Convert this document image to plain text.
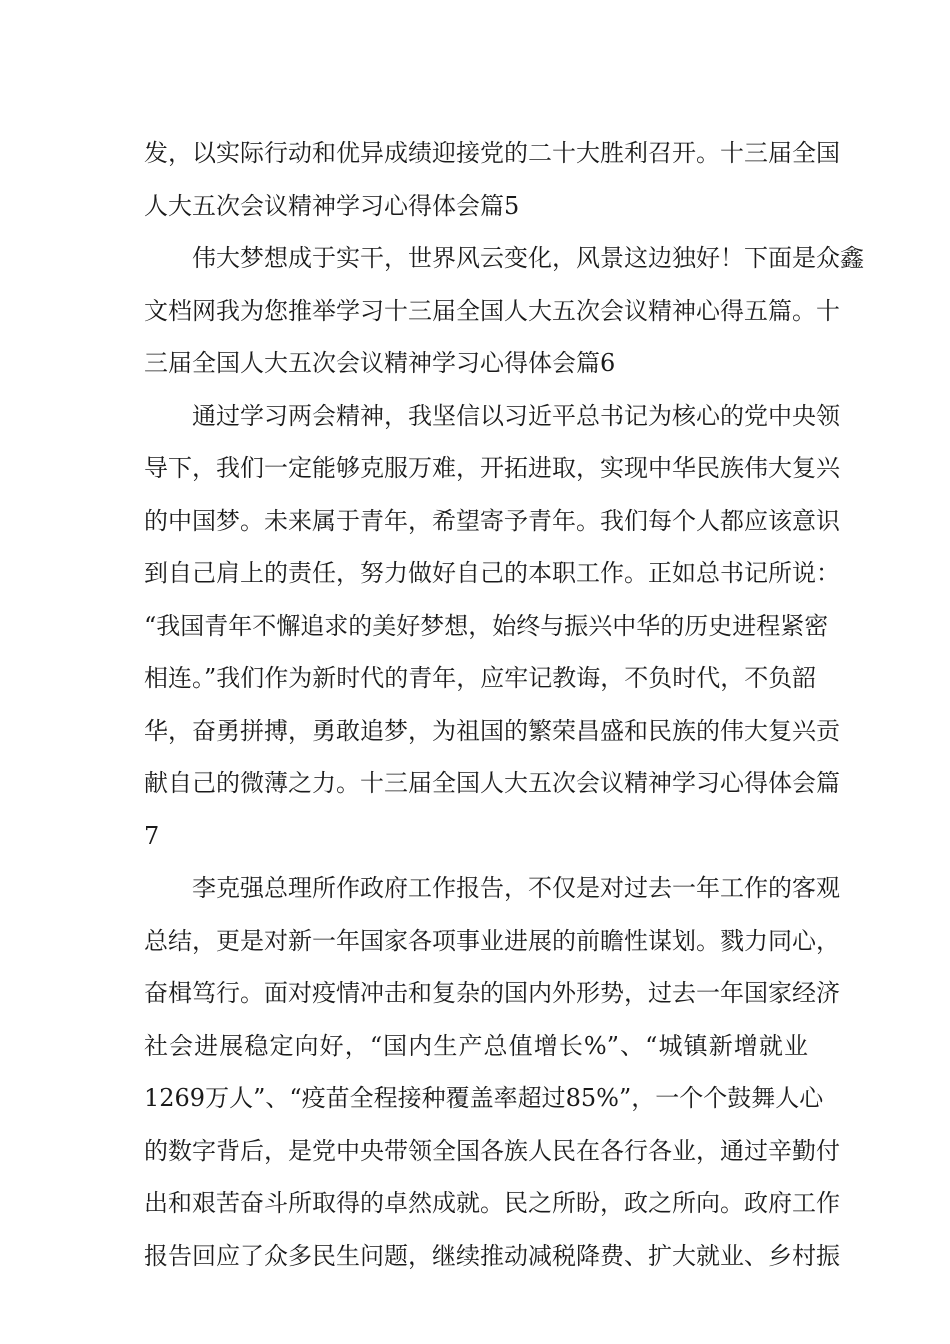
发，以实际行动和优异成绩迎接党的二十大胜利召开。十三届全国
人大五次会议精神学习心得体会篇5
伟大梦想成于实干，世界风云变化，风景这边独好！下面是众鑫
文档网我为您推举学习十三届全国人大五次会议精神心得五篇。十
三届全国人大五次会议精神学习心得体会篇6
通过学习两会精神，我坚信以习近平总书记为核心的党中央领
导下，我们一定能够克服万难，开拓进取，实现中华民族伟大复兴
的中国梦。未来属于青年，希望寄予青年。我们每个人都应该意识
到自己肩上的责任，努力做好自己的本职工作。正如总书记所说：
“我国青年不懈追求的美好梦想，始终与振兴中华的历史进程紧密
相连。”我们作为新时代的青年，应牢记教诲，不负时代，不负韶
华，奋勇拼搏，勇敢追梦，为祖国的繁荣昌盛和民族的伟大复兴贡
献自己的微薄之力。十三届全国人大五次会议精神学习心得体会篇
7
李克强总理所作政府工作报告，不仅是对过去一年工作的客观
总结，更是对新一年国家各项事业进展的前瞻性谋划。戮力同心，
奋楫笃行。面对疫情冲击和复杂的国内外形势，过去一年国家经济
社会进展稳定向好，“国内生产总值增长%”、“城镇新增就业
1269万人”、“疫苗全程接种覆盖率超过85%”，一个个鼓舞人心
的数字背后，是党中央带领全国各族人民在各行各业，通过辛勤付
出和艰苦奋斗所取得的卓然成就。民之所盼，政之所向。政府工作
报告回应了众多民生问题，继续推动减税降费、扩大就业、乡村振
